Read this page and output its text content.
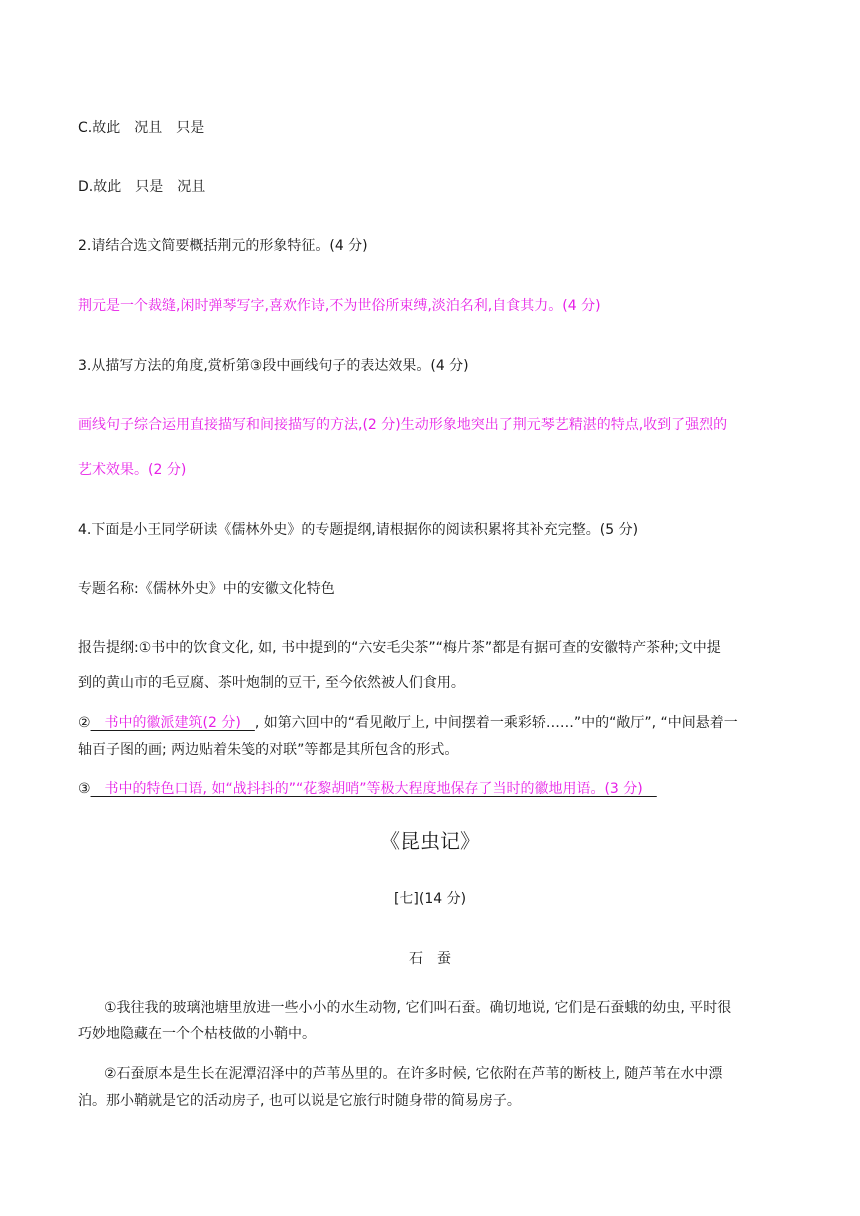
C.故此　况且　只是
D.故此　只是　况且
2.请结合选文简要概括荆元的形象特征。(4 分)
荆元是一个裁缝,闲时弹琴写字,喜欢作诗,不为世俗所束缚,淡泊名利,自食其力。(4 分)
3.从描写方法的角度,赏析第③段中画线句子的表达效果。(4 分)
画线句子综合运用直接描写和间接描写的方法,(2 分)生动形象地突出了荆元琴艺精湛的特点,收到了强烈的
艺术效果。(2 分)
4.下面是小王同学研读《儒林外史》的专题提纲,请根据你的阅读积累将其补充完整。(5 分)
专题名称:《儒林外史》中的安徽文化特色
报告提纲:①书中的饮食文化, 如, 书中提到的“六安毛尖茶”“梅片茶”都是有据可查的安徽特产茶种;文中提
到的黄山市的毛豆腐、茶叶炮制的豆干, 至今依然被人们食用。
②　书中的徽派建筑(2 分)　, 如第六回中的“看见敞厅上, 中间摆着一乘彩轿……”中的“敞厅”, “中间悬着一
轴百子图的画; 两边贴着朱笺的对联”等都是其所包含的形式。
③　书中的特色口语, 如“战抖抖的”“花黎胡哨”等极大程度地保存了当时的徽地用语。(3 分)　
《昆虫记》
[七](14 分)
石　蚕
①我往我的玻璃池塘里放进一些小小的水生动物, 它们叫石蚕。确切地说, 它们是石蚕蛾的幼虫, 平时很
巧妙地隐藏在一个个枯枝做的小鞘中。
②石蚕原本是生长在泥潭沼泽中的芦苇丛里的。在许多时候, 它依附在芦苇的断枝上, 随芦苇在水中漂
泊。那小鞘就是它的活动房子, 也可以说是它旅行时随身带的简易房子。
